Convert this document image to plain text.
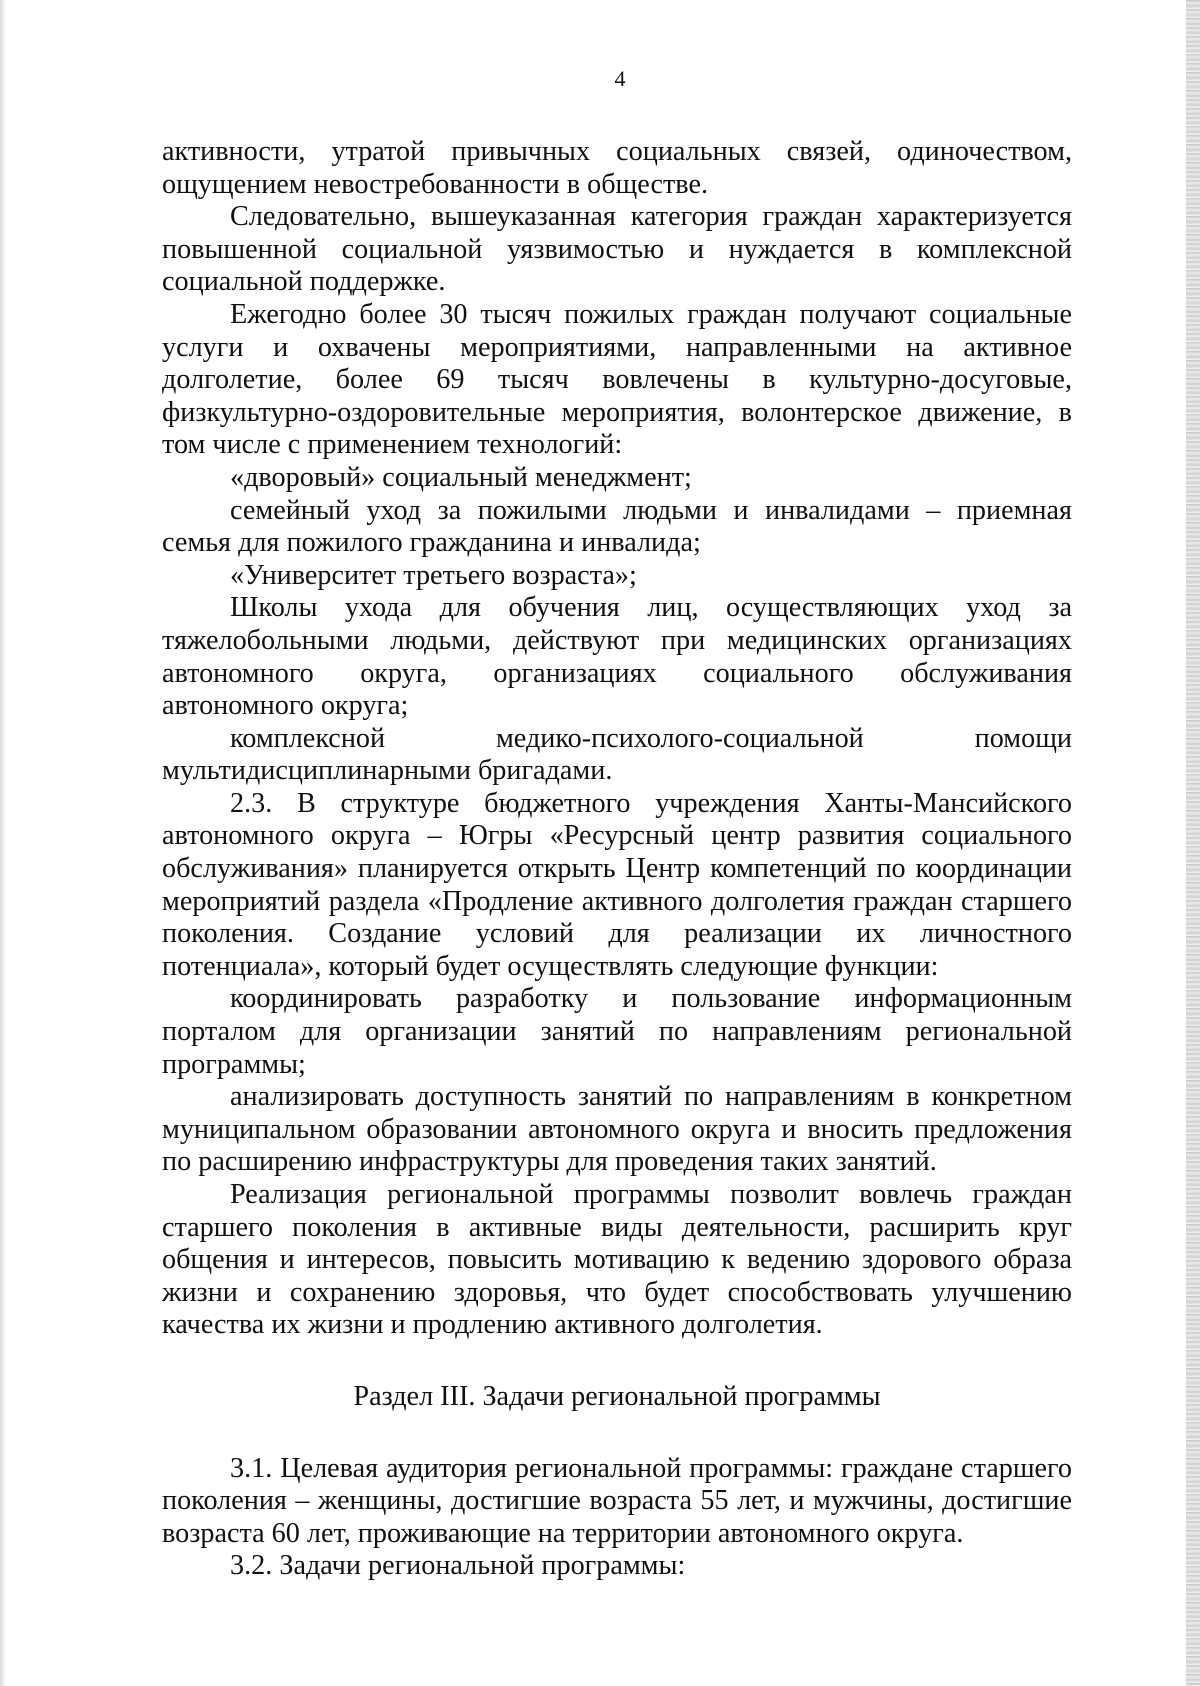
4

активности, утратой привычных социальных связей, одиночеством, ощущением невостребованности в обществе.

Следовательно, вышеуказанная категория граждан характеризуется повышенной социальной уязвимостью и нуждается в комплексной социальной поддержке.

Ежегодно более 30 тысяч пожилых граждан получают социальные услуги и охвачены мероприятиями, направленными на активное долголетие, более 69 тысяч вовлечены в культурно-досуговые, физкультурно-оздоровительные мероприятия, волонтерское движение, в том числе с применением технологий:

«дворовый» социальный менеджмент;

семейный уход за пожилыми людьми и инвалидами – приемная семья для пожилого гражданина и инвалида;

«Университет третьего возраста»;

Школы ухода для обучения лиц, осуществляющих уход за тяжелобольными людьми, действуют при медицинских организациях автономного округа, организациях социального обслуживания автономного округа;

комплексной медико-психолого-социальной помощи мультидисциплинарными бригадами.

2.3. В структуре бюджетного учреждения Ханты-Мансийского автономного округа – Югры «Ресурсный центр развития социального обслуживания» планируется открыть Центр компетенций по координации мероприятий раздела «Продление активного долголетия граждан старшего поколения. Создание условий для реализации их личностного потенциала», который будет осуществлять следующие функции:

координировать разработку и пользование информационным порталом для организации занятий по направлениям региональной программы;

анализировать доступность занятий по направлениям в конкретном муниципальном образовании автономного округа и вносить предложения по расширению инфраструктуры для проведения таких занятий.

Реализация региональной программы позволит вовлечь граждан старшего поколения в активные виды деятельности, расширить круг общения и интересов, повысить мотивацию к ведению здорового образа жизни и сохранению здоровья, что будет способствовать улучшению качества их жизни и продлению активного долголетия.

Раздел III. Задачи региональной программы

3.1. Целевая аудитория региональной программы: граждане старшего поколения – женщины, достигшие возраста 55 лет, и мужчины, достигшие возраста 60 лет, проживающие на территории автономного округа.

3.2. Задачи региональной программы:
